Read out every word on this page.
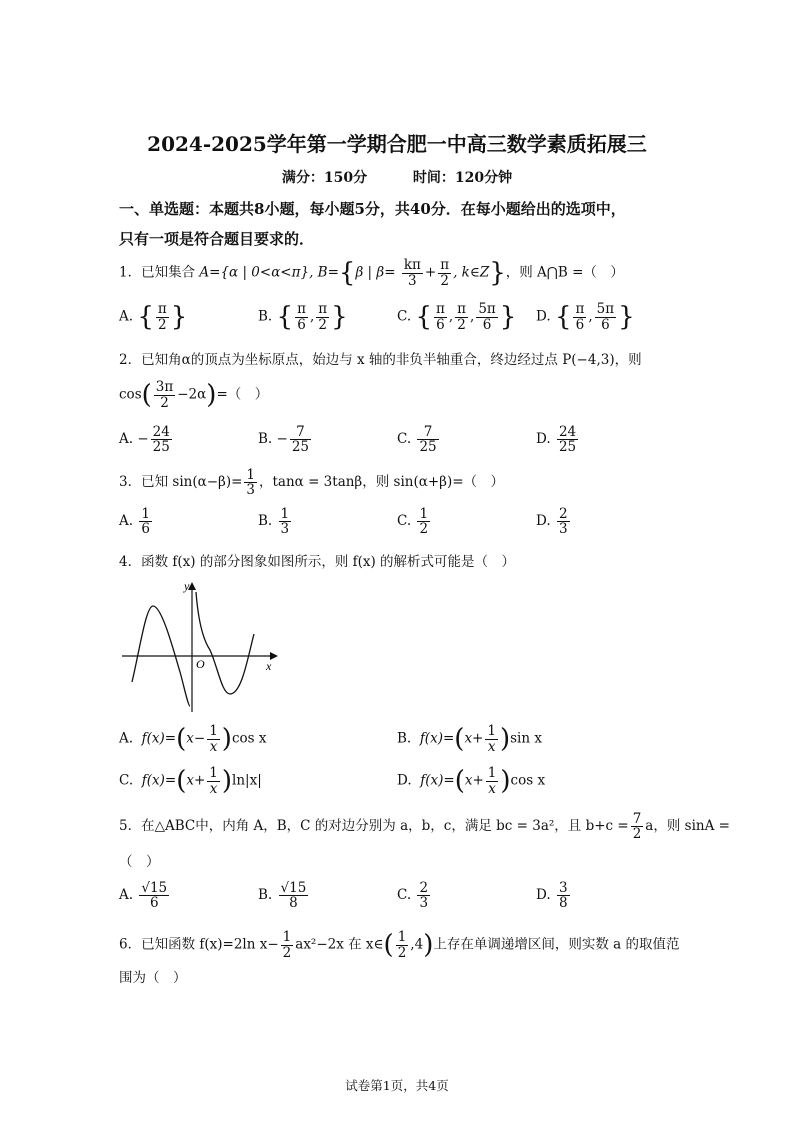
2024-2025学年第一学期合肥一中高三数学素质拓展三
满分：150分	时间：120分钟
一、单选题：本题共8小题，每小题5分，共40分．在每小题给出的选项中，
只有一项是符合题目要求的．
1．已知集合 A={α | 0<α<π}, B={β | $\beta= \frac{k\pi}{3} + \frac{\pi}{2}$ , k∈Z}，则 A⋂B =（　）
A. { $\frac{\pi}{2}$ }	B. { $\frac{\pi}{6}$ , $\frac{\pi}{2}$ }	C. { $\frac{\pi}{6}$ , $\frac{\pi}{2}$ , $\frac{5\pi}{6}$ } D. { $\frac{\pi}{6}$ , $\frac{5\pi}{6}$ }
2．已知角α的顶点为坐标原点，始边与 x 轴的非负半轴重合，终边经过点 P(−4,3)，则
$\cos( \frac{3\pi}{2} -2\alpha)=$（　）
A. − $\frac{24}{25}$	B. − $\frac{7}{25}$	C. $\frac{7}{25}$	D. $\frac{24}{25}$
3．已知 $\sin(\alpha-\beta)= \frac{1}{3}$ ，tanα = 3tanβ，则 sin(α+β)=（　）
A. $\frac{1}{6}$	B. $\frac{1}{3}$	C. $\frac{1}{2}$	D. $\frac{2}{3}$
4．函数 f(x) 的部分图象如图所示，则 f(x) 的解析式可能是（　）
y
x
O
A. $f(x)=(x- \frac{1}{x} )\cos$ x	B. $f(x)=(x+ \frac{1}{x} )\sin$ x
C. $f(x)=(x+ \frac{1}{x} )\ln|x|$	D. $f(x)=(x+ \frac{1}{x} )\cos$ x
5．在△ABC中，内角 A，B，C 的对边分别为 a，b，c，满足 bc = 3a²，且 $b+c = \frac{7}{2}$ a，则 sinA =
（　）
A. $\frac{√15}{6}$	B. $\frac{√15}{8}$	C. $\frac{2}{3}$	D. $\frac{3}{8}$
6．已知函数 f(x)=2ln $x- \frac{1}{2} ax^2-2x$ 在 x∈( $\frac{1}{2} ,4$)上存在单调递增区间，则实数 a 的取值范
围为（　）
试卷第1页，共4页
